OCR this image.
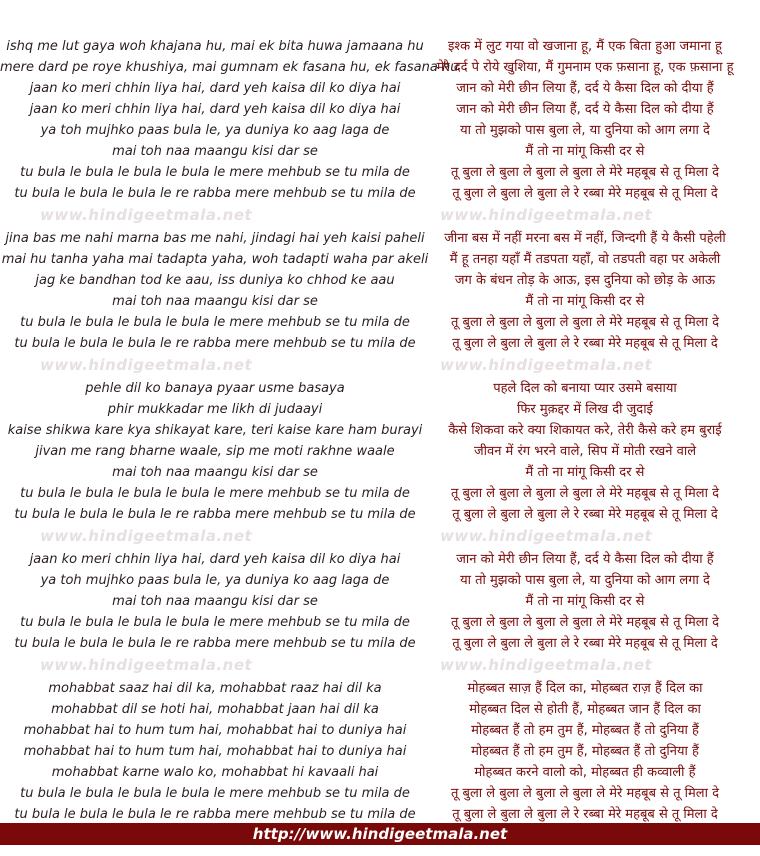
ishq me lut gaya woh khajana hu, mai ek bita huwa jamaana hu
mere dard pe roye khushiya, mai gumnam ek fasana hu, ek fasana hu
jaan ko meri chhin liya hai, dard yeh kaisa dil ko diya hai
jaan ko meri chhin liya hai, dard yeh kaisa dil ko diya hai
ya toh mujhko paas bula le, ya duniya ko aag laga de
mai toh naa maangu kisi dar se
tu bula le bula le bula le bula le mere mehbub se tu mila de
tu bula le bula le bula le re rabba mere mehbub se tu mila de
jina bas me nahi marna bas me nahi, jindagi hai yeh kaisi paheli
mai hu tanha yaha mai tadapta yaha, woh tadapti waha par akeli
jag ke bandhan tod ke aau, iss duniya ko chhod ke aau
mai toh naa maangu kisi dar se
tu bula le bula le bula le bula le mere mehbub se tu mila de
tu bula le bula le bula le re rabba mere mehbub se tu mila de
pehle dil ko banaya pyaar usme basaya
phir mukkadar me likh di judaayi
kaise shikwa kare kya shikayat kare, teri kaise kare ham burayi
jivan me rang bharne waale, sip me moti rakhne waale
mai toh naa maangu kisi dar se
tu bula le bula le bula le bula le mere mehbub se tu mila de
tu bula le bula le bula le re rabba mere mehbub se tu mila de
jaan ko meri chhin liya hai, dard yeh kaisa dil ko diya hai
ya toh mujhko paas bula le, ya duniya ko aag laga de
mai toh naa maangu kisi dar se
tu bula le bula le bula le bula le mere mehbub se tu mila de
tu bula le bula le bula le re rabba mere mehbub se tu mila de
mohabbat saaz hai dil ka, mohabbat raaz hai dil ka
mohabbat dil se hoti hai, mohabbat jaan hai dil ka
mohabbat hai to hum tum hai, mohabbat hai to duniya hai
mohabbat hai to hum tum hai, mohabbat hai to duniya hai
mohabbat karne walo ko, mohabbat hi kavaali hai
tu bula le bula le bula le bula le mere mehbub se tu mila de
tu bula le bula le bula le re rabba mere mehbub se tu mila de
इश्क में लुट गया वो खजाना हू, मैं एक बिता हुआ जमाना हू
मेरे दर्द पे रोये खुशिया, मैं गुमनाम एक फ़साना हू, एक फ़साना हू
जान को मेरी छीन लिया हैं, दर्द ये कैसा दिल को दीया हैं
जान को मेरी छीन लिया हैं, दर्द ये कैसा दिल को दीया हैं
या तो मुझको पास बुला ले, या दुनिया को आग लगा दे
मैं तो ना मांगू किसी दर से
तू बुला ले बुला ले बुला ले बुला ले मेरे महबूब से तू मिला दे
तू बुला ले बुला ले बुला ले रे रब्बा मेरे महबूब से तू मिला दे
जीना बस में नहीं मरना बस में नहीं, जिन्दगी हैं ये कैसी पहेली
मैं हू तनहा यहाँ मैं तडपता यहाँ, वो तडपती वहा पर अकेली
जग के बंधन तोड़ के आऊ, इस दुनिया को छोड़ के आऊ
मैं तो ना मांगू किसी दर से
तू बुला ले बुला ले बुला ले बुला ले मेरे महबूब से तू मिला दे
तू बुला ले बुला ले बुला ले रे रब्बा मेरे महबूब से तू मिला दे
पहले दिल को बनाया प्यार उसमे बसाया
फिर मुक़द्दर में लिख दी जुदाई
कैसे शिकवा करे क्या शिकायत करे, तेरी कैसे करे हम बुराई
जीवन में रंग भरने वाले, सिप में मोती रखने वाले
मैं तो ना मांगू किसी दर से
तू बुला ले बुला ले बुला ले बुला ले मेरे महबूब से तू मिला दे
तू बुला ले बुला ले बुला ले रे रब्बा मेरे महबूब से तू मिला दे
जान को मेरी छीन लिया हैं, दर्द ये कैसा दिल को दीया हैं
या तो मुझको पास बुला ले, या दुनिया को आग लगा दे
मैं तो ना मांगू किसी दर से
तू बुला ले बुला ले बुला ले बुला ले मेरे महबूब से तू मिला दे
तू बुला ले बुला ले बुला ले रे रब्बा मेरे महबूब से तू मिला दे
मोहब्बत साज़ हैं दिल का, मोहब्बत राज़ हैं दिल का
मोहब्बत दिल से होती हैं, मोहब्बत जान हैं दिल का
मोहब्बत हैं तो हम तुम हैं, मोहब्बत हैं तो दुनिया हैं
मोहब्बत हैं तो हम तुम हैं, मोहब्बत हैं तो दुनिया हैं
मोहब्बत करने वालो को, मोहब्बत ही कव्वाली हैं
तू बुला ले बुला ले बुला ले बुला ले मेरे महबूब से तू मिला दे
तू बुला ले बुला ले बुला ले रे रब्बा मेरे महबूब से तू मिला दे
www.hindigeetmala.net	www.hindigeetmala.net
www.hindigeetmala.net	www.hindigeetmala.net
www.hindigeetmala.net	www.hindigeetmala.net
www.hindigeetmala.net	www.hindigeetmala.net
http://www.hindigeetmala.net
